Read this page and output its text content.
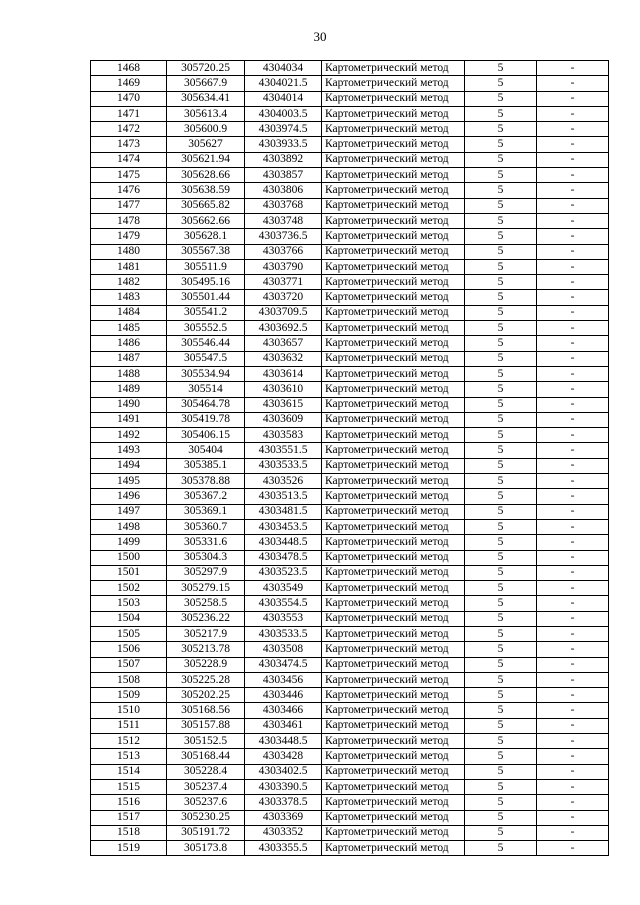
30
1468	305720.25	4304034	Картометрический метод	5	-
1469	305667.9	4304021.5	Картометрический метод	5	-
1470	305634.41	4304014	Картометрический метод	5	-
1471	305613.4	4304003.5	Картометрический метод	5	-
1472	305600.9	4303974.5	Картометрический метод	5	-
1473	305627	4303933.5	Картометрический метод	5	-
1474	305621.94	4303892	Картометрический метод	5	-
1475	305628.66	4303857	Картометрический метод	5	-
1476	305638.59	4303806	Картометрический метод	5	-
1477	305665.82	4303768	Картометрический метод	5	-
1478	305662.66	4303748	Картометрический метод	5	-
1479	305628.1	4303736.5	Картометрический метод	5	-
1480	305567.38	4303766	Картометрический метод	5	-
1481	305511.9	4303790	Картометрический метод	5	-
1482	305495.16	4303771	Картометрический метод	5	-
1483	305501.44	4303720	Картометрический метод	5	-
1484	305541.2	4303709.5	Картометрический метод	5	-
1485	305552.5	4303692.5	Картометрический метод	5	-
1486	305546.44	4303657	Картометрический метод	5	-
1487	305547.5	4303632	Картометрический метод	5	-
1488	305534.94	4303614	Картометрический метод	5	-
1489	305514	4303610	Картометрический метод	5	-
1490	305464.78	4303615	Картометрический метод	5	-
1491	305419.78	4303609	Картометрический метод	5	-
1492	305406.15	4303583	Картометрический метод	5	-
1493	305404	4303551.5	Картометрический метод	5	-
1494	305385.1	4303533.5	Картометрический метод	5	-
1495	305378.88	4303526	Картометрический метод	5	-
1496	305367.2	4303513.5	Картометрический метод	5	-
1497	305369.1	4303481.5	Картометрический метод	5	-
1498	305360.7	4303453.5	Картометрический метод	5	-
1499	305331.6	4303448.5	Картометрический метод	5	-
1500	305304.3	4303478.5	Картометрический метод	5	-
1501	305297.9	4303523.5	Картометрический метод	5	-
1502	305279.15	4303549	Картометрический метод	5	-
1503	305258.5	4303554.5	Картометрический метод	5	-
1504	305236.22	4303553	Картометрический метод	5	-
1505	305217.9	4303533.5	Картометрический метод	5	-
1506	305213.78	4303508	Картометрический метод	5	-
1507	305228.9	4303474.5	Картометрический метод	5	-
1508	305225.28	4303456	Картометрический метод	5	-
1509	305202.25	4303446	Картометрический метод	5	-
1510	305168.56	4303466	Картометрический метод	5	-
1511	305157.88	4303461	Картометрический метод	5	-
1512	305152.5	4303448.5	Картометрический метод	5	-
1513	305168.44	4303428	Картометрический метод	5	-
1514	305228.4	4303402.5	Картометрический метод	5	-
1515	305237.4	4303390.5	Картометрический метод	5	-
1516	305237.6	4303378.5	Картометрический метод	5	-
1517	305230.25	4303369	Картометрический метод	5	-
1518	305191.72	4303352	Картометрический метод	5	-
1519	305173.8	4303355.5	Картометрический метод	5	-
